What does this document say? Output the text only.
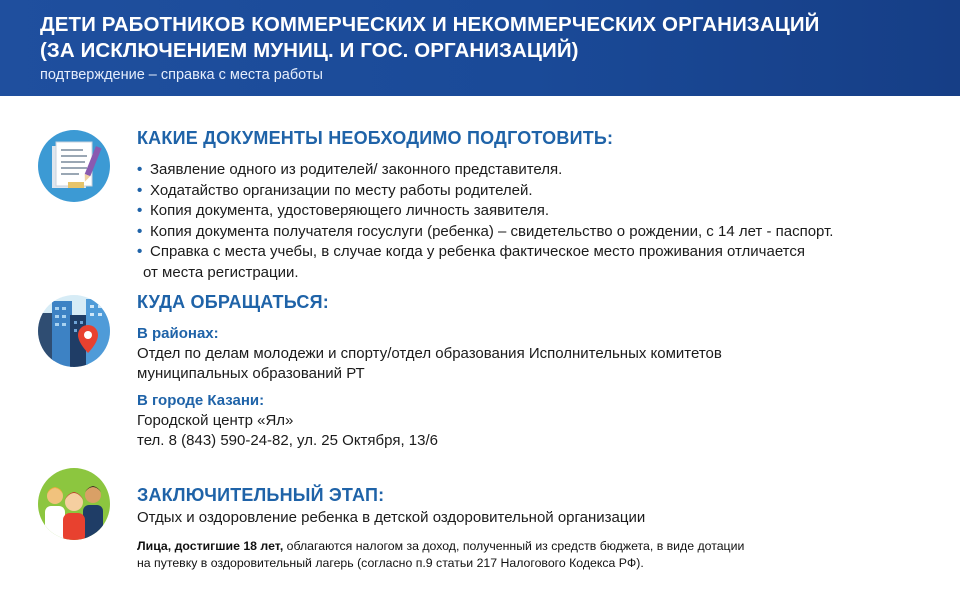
ДЕТИ РАБОТНИКОВ КОММЕРЧЕСКИХ И НЕКОММЕРЧЕСКИХ ОРГАНИЗАЦИЙ
(ЗА ИСКЛЮЧЕНИЕМ МУНИЦ. И ГОС. ОРГАНИЗАЦИЙ)
подтверждение – справка с места работы
КАКИЕ ДОКУМЕНТЫ НЕОБХОДИМО ПОДГОТОВИТЬ:
• Заявление одного из родителей/ законного представителя.
• Ходатайство организации по месту работы родителей.
• Копия документа, удостоверяющего личность заявителя.
• Копия документа получателя госуслуги (ребенка) – свидетельство о рождении, с 14 лет - паспорт.
• Справка с места учебы, в случае когда у ребенка фактическое место проживания отличается
от места регистрации.
КУДА ОБРАЩАТЬСЯ:
В районах:
Отдел по делам молодежи и спорту/отдел образования Исполнительных комитетов
муниципальных образований РТ
В городе Казани:
Городской центр «Ял»
тел. 8 (843) 590-24-82, ул. 25 Октября, 13/6
ЗАКЛЮЧИТЕЛЬНЫЙ ЭТАП:
Отдых и оздоровление ребенка в детской оздоровительной организации
Лица, достигшие 18 лет, облагаются налогом за доход, полученный из средств бюджета, в виде дотации
на путевку в оздоровительный лагерь (согласно п.9 статьи 217 Налогового Кодекса РФ).
